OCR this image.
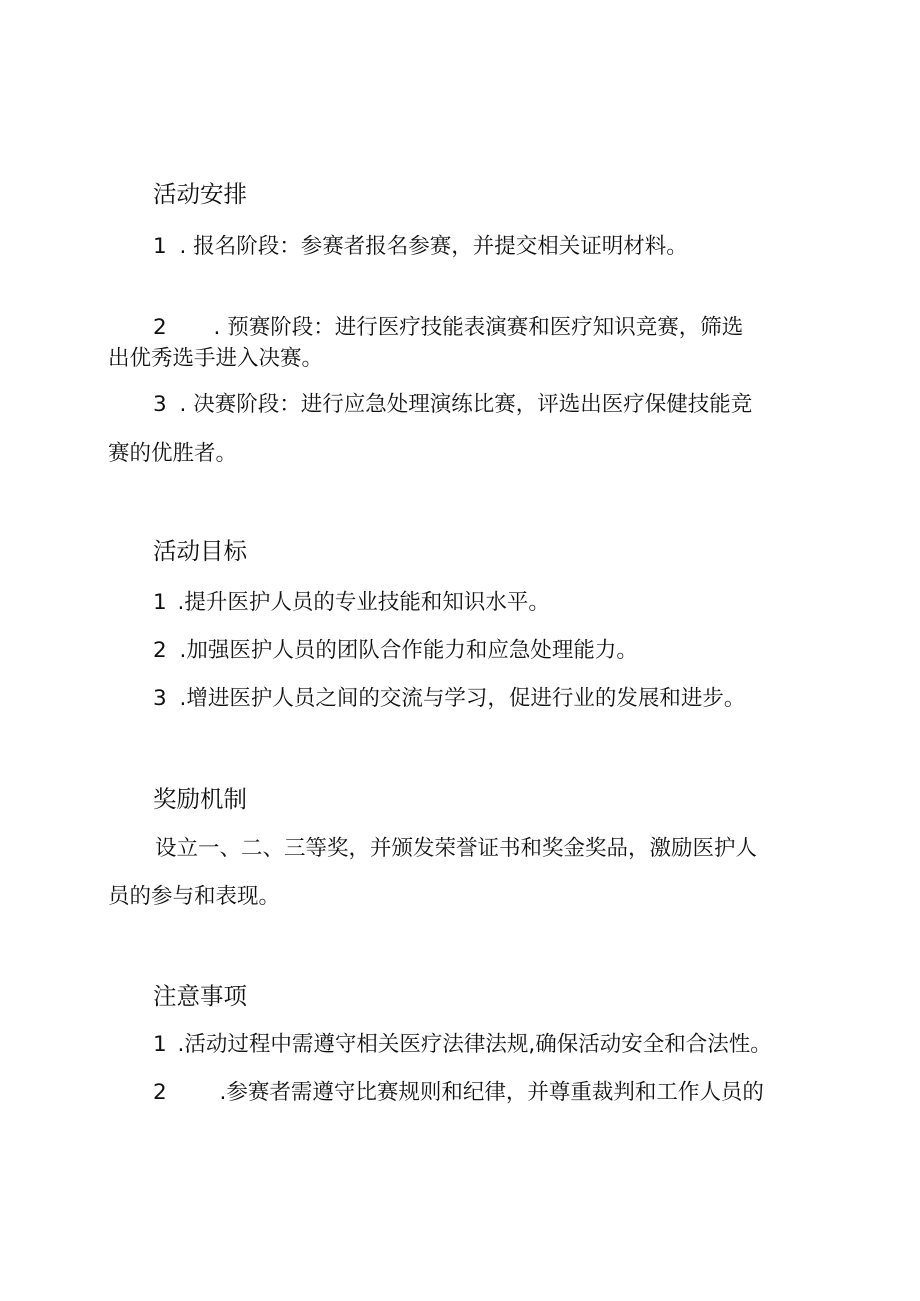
活动安排
1 . 报名阶段：参赛者报名参赛，并提交相关证明材料。
2 . 预赛阶段：进行医疗技能表演赛和医疗知识竞赛，筛选
出优秀选手进入决赛。
3 . 决赛阶段：进行应急处理演练比赛，评选出医疗保健技能竞
赛的优胜者。
活动目标
1 .提升医护人员的专业技能和知识水平。
2 .加强医护人员的团队合作能力和应急处理能力。
3 .增进医护人员之间的交流与学习，促进行业的发展和进步。
奖励机制
设立一、二、三等奖，并颁发荣誉证书和奖金奖品，激励医护人
员的参与和表现。
注意事项
1 .活动过程中需遵守相关医疗法律法规,确保活动安全和合法性。
2 .参赛者需遵守比赛规则和纪律，并尊重裁判和工作人员的
